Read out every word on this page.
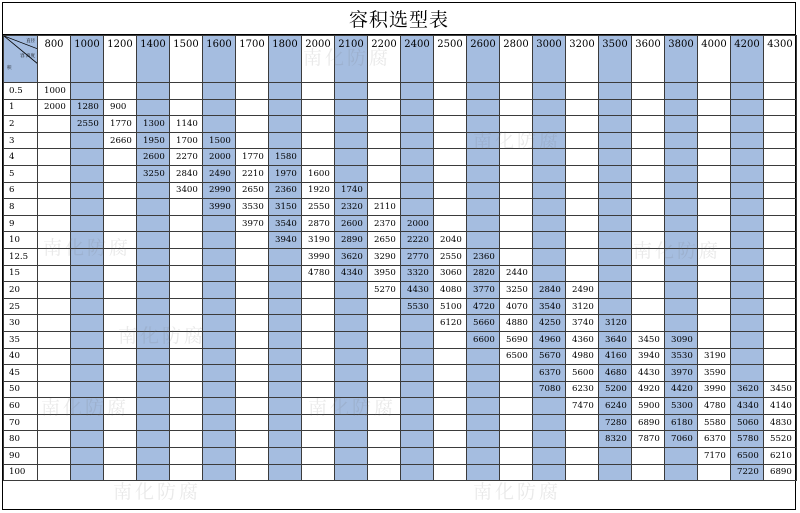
容积选型表
直径
容 高度
积	800	1000	1200	1400	1500	1600	1700	1800	2000	2100	2200	2400	2500	2600	2800	3000	3200	3500	3600	3800	4000	4200	4300
0.5	1000																						
1	2000	1280	900																				
2		2550	1770	1300	1140																		
3			2660	1950	1700	1500																	
4				2600	2270	2000	1770	1580															
5				3250	2840	2490	2210	1970	1600														
6					3400	2990	2650	2360	1920	1740													
8						3990	3530	3150	2550	2320	2110												
9							3970	3540	2870	2600	2370	2000											
10								3940	3190	2890	2650	2220	2040										
12.5									3990	3620	3290	2770	2550	2360									
15									4780	4340	3950	3320	3060	2820	2440								
20											5270	4430	4080	3770	3250	2840	2490						
25												5530	5100	4720	4070	3540	3120						
30													6120	5660	4880	4250	3740	3120					
35														6600	5690	4960	4360	3640	3450	3090			
40															6500	5670	4980	4160	3940	3530	3190		
45																6370	5600	4680	4430	3970	3590		
50																7080	6230	5200	4920	4420	3990	3620	3450
60																	7470	6240	5900	5300	4780	4340	4140
70																		7280	6890	6180	5580	5060	4830
80																		8320	7870	7060	6370	5780	5520
90																					7170	6500	6210
100																						7220	6890
南化防腐
南化防腐	南化防腐
